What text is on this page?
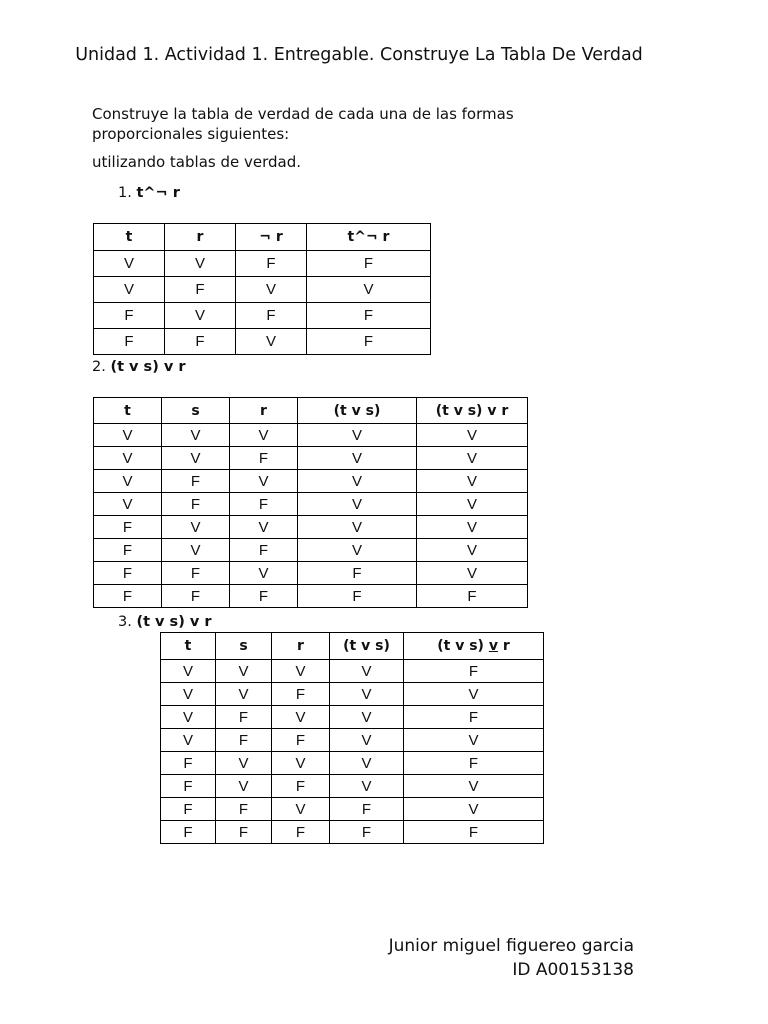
Unidad 1. Actividad 1. Entregable. Construye La Tabla De Verdad

Construye la tabla de verdad de cada una de las formas proporcionales siguientes:

utilizando tablas de verdad.

1. t^¬ r

t	r	¬ r	t^¬ r
V	V	F	F
V	F	V	V
F	V	F	F
F	F	V	F

2. (t v s) v r

t	s	r	(t v s)	(t v s) v r
V	V	V	V	V
V	V	F	V	V
V	F	V	V	V
V	F	F	V	V
F	V	V	V	V
F	V	F	V	V
F	F	V	F	V
F	F	F	F	F

3. (t v s) v r

t	s	r	(t v s)	(t v s) v r
V	V	V	V	F
V	V	F	V	V
V	F	V	V	F
V	F	F	V	V
F	V	V	V	F
F	V	F	V	V
F	F	V	F	V
F	F	F	F	F

Junior miguel figuereo garcia

ID A00153138
